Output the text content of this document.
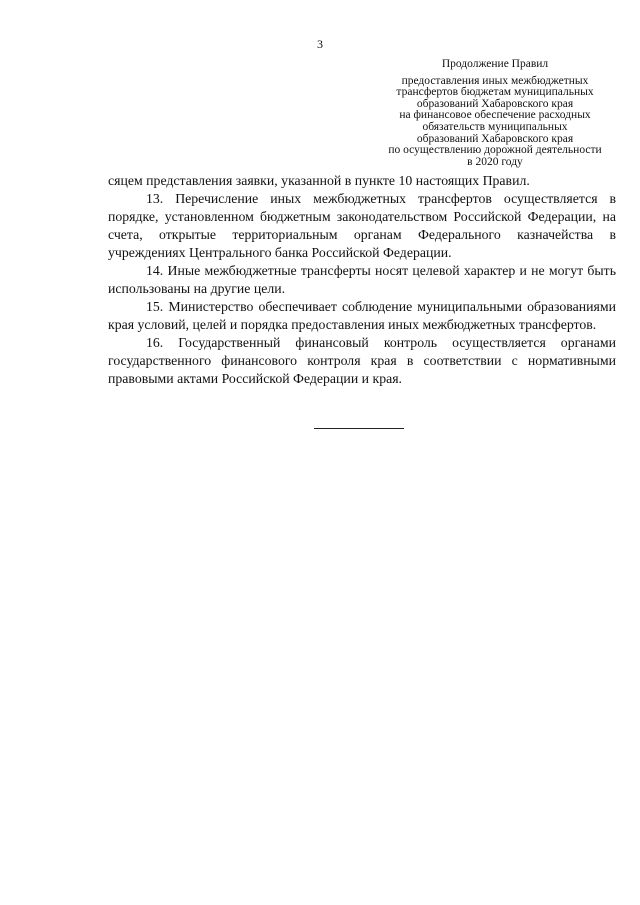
3
Продолжение Правил
предоставления иных межбюджетных
трансфертов бюджетам муниципальных
образований Хабаровского края
на финансовое обеспечение расходных
обязательств муниципальных
образований Хабаровского края
по осуществлению дорожной деятельности
в 2020 году

сяцем представления заявки, указанной в пункте 10 настоящих Правил.

13. Перечисление иных межбюджетных трансфертов осуществляется в порядке, установленном бюджетным законодательством Российской Федерации, на счета, открытые территориальным органам Федерального казначейства в учреждениях Центрального банка Российской Федерации.

14. Иные межбюджетные трансферты носят целевой характер и не могут быть использованы на другие цели.

15. Министерство обеспечивает соблюдение муниципальными образованиями края условий, целей и порядка предоставления иных межбюджетных трансфертов.

16. Государственный финансовый контроль осуществляется органами государственного финансового контроля края в соответствии с нормативными правовыми актами Российской Федерации и края.
